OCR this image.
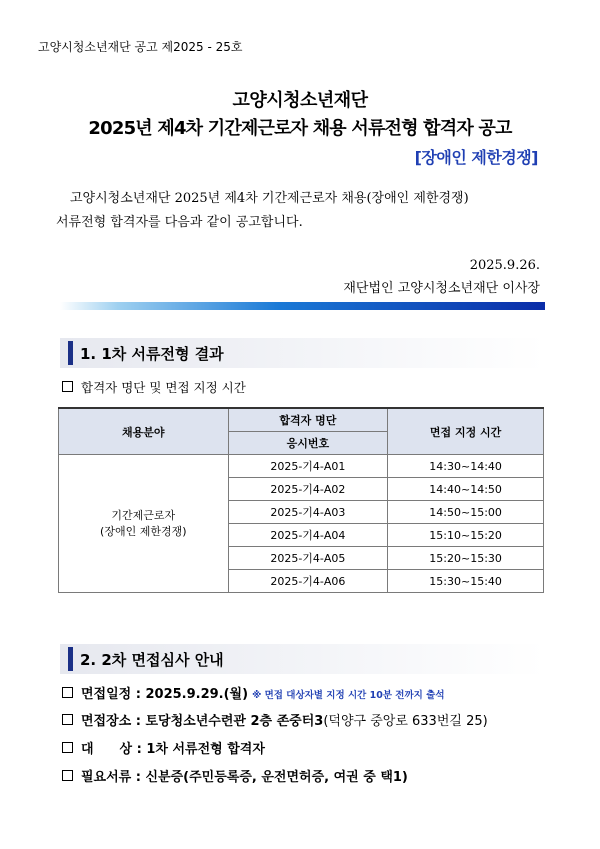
고양시청소년재단 공고 제2025 - 25호
고양시청소년재단
2025년 제4차 기간제근로자 채용 서류전형 합격자 공고
[장애인 제한경쟁]
고양시청소년재단 2025년 제4차 기간제근로자 채용(장애인 제한경쟁)
서류전형 합격자를 다음과 같이 공고합니다.
2025.9.26.
재단법인 고양시청소년재단 이사장
1. 1차 서류전형 결과
합격자 명단 및 면접 지정 시간
채용분야	합격자 명단	면접 지정 시간
	응시번호	

기간제근로자
(장애인 제한경쟁)	2025-기4-A01	14:30~14:40
	2025-기4-A02	14:40~14:50
	2025-기4-A03	14:50~15:00
	2025-기4-A04	15:10~15:20
	2025-기4-A05	15:20~15:30
	2025-기4-A06	15:30~15:40
2. 2차 면접심사 안내
면접일정 : 2025.9.29.(월) ※ 면접 대상자별 지정 시간 10분 전까지 출석
면접장소 : 토당청소년수련관 2층 존중터3(덕양구 중앙로 633번길 25)
대　　상 : 1차 서류전형 합격자
필요서류 : 신분증(주민등록증, 운전면허증, 여권 중 택1)
